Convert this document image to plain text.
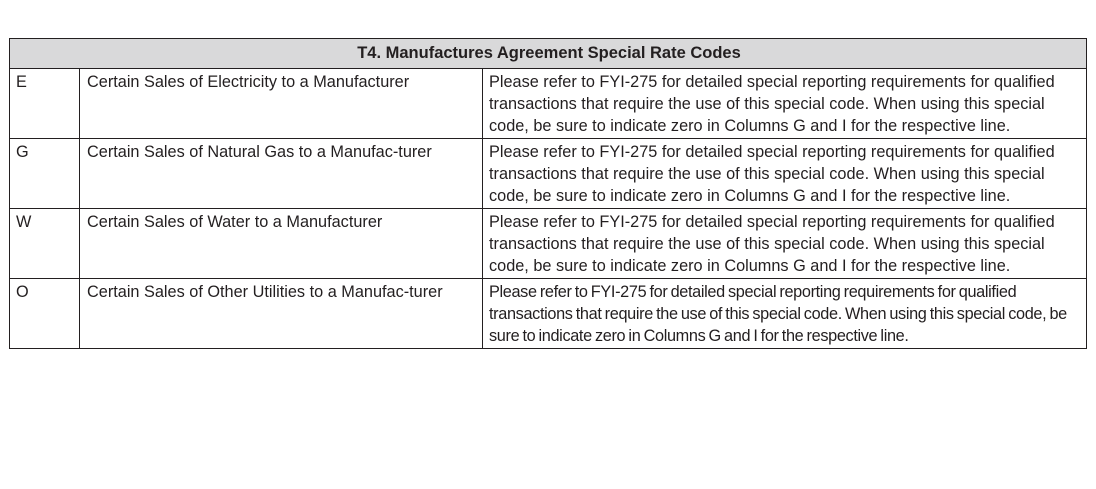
T4. Manufactures Agreement Special Rate Codes		
E	Certain Sales of Electricity to a Manufacturer	Please refer to FYI-275 for detailed special reporting requirements for qualified transactions that require the use of this special code. When using this special code, be sure to indicate zero in Columns G and I for the respective line.
G	Certain Sales of Natural Gas to a Manufac-turer	Please refer to FYI-275 for detailed special reporting requirements for qualified transactions that require the use of this special code. When using this special code, be sure to indicate zero in Columns G and I for the respective line.
W	Certain Sales of Water to a Manufacturer	Please refer to FYI-275 for detailed special reporting requirements for qualified transactions that require the use of this special code. When using this special code, be sure to indicate zero in Columns G and I for the respective line.
O	Certain Sales of Other Utilities to a Manufac-turer	Please refer to FYI-275 for detailed special reporting requirements for qualified transactions that require the use of this special code. When using this special code, be sure to indicate zero in Columns G and I for the respective line.
